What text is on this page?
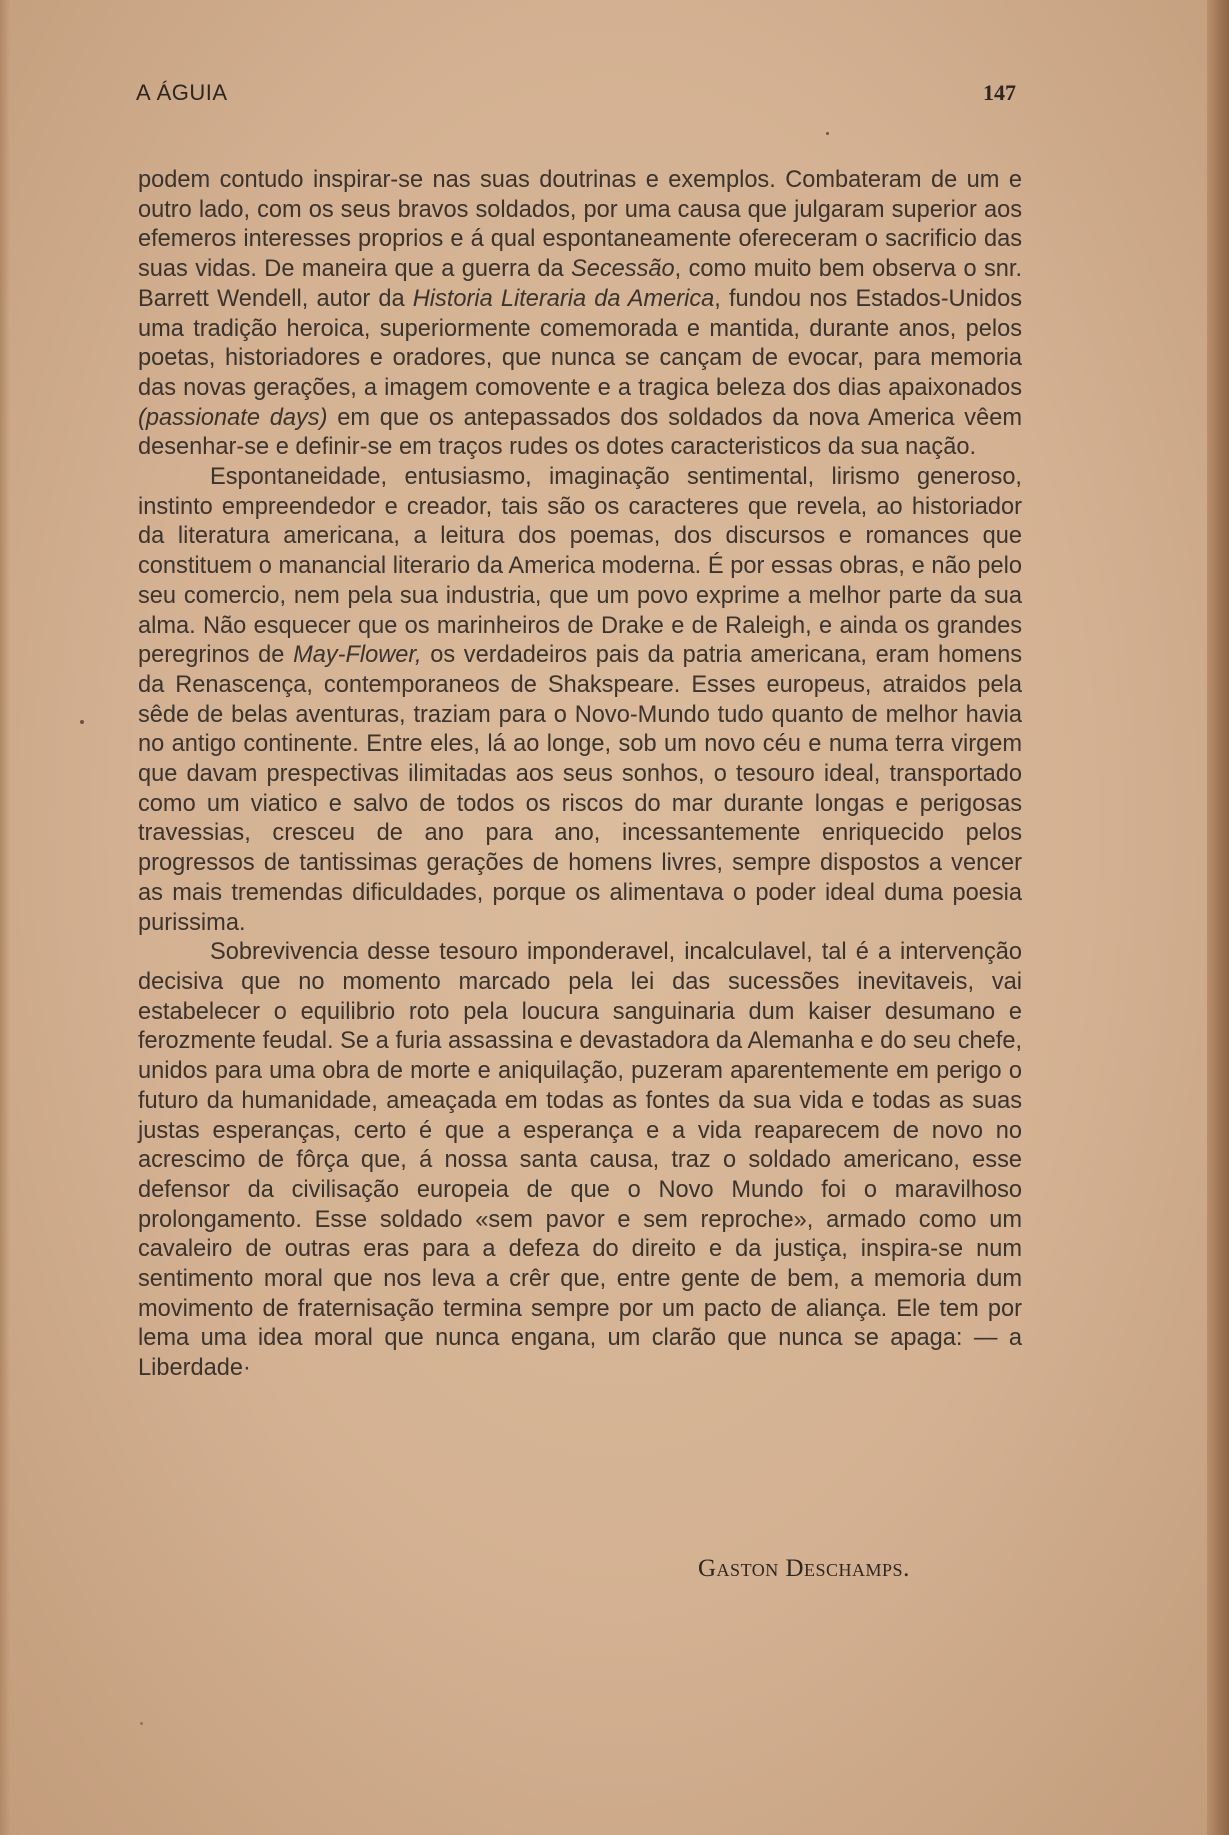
A ÁGUIA	147

podem contudo inspirar-se nas suas doutrinas e exemplos. Combateram de um e outro lado, com os seus bravos soldados, por uma causa que julgaram superior aos efemeros interesses proprios e á qual espontaneamente ofereceram o sacrificio das suas vidas. De maneira que a guerra da Secessão, como muito bem observa o snr. Barrett Wendell, autor da Historia Literaria da America, fundou nos Estados-Unidos uma tradição heroica, superiormente comemorada e mantida, durante anos, pelos poetas, historiadores e oradores, que nunca se cançam de evocar, para memoria das novas gerações, a imagem comovente e a tragica beleza dos dias apaixonados (passionate days) em que os antepassados dos soldados da nova America vêem desenhar-se e definir-se em traços rudes os dotes caracteristicos da sua nação.

Espontaneidade, entusiasmo, imaginação sentimental, lirismo generoso, instinto empreendedor e creador, tais são os caracteres que revela, ao historiador da literatura americana, a leitura dos poemas, dos discursos e romances que constituem o manancial literario da America moderna. É por essas obras, e não pelo seu comercio, nem pela sua industria, que um povo exprime a melhor parte da sua alma. Não esquecer que os marinheiros de Drake e de Raleigh, e ainda os grandes peregrinos de May-Flower, os verdadeiros pais da patria americana, eram homens da Renascença, contemporaneos de Shakspeare. Esses europeus, atraidos pela sêde de belas aventuras, traziam para o Novo-Mundo tudo quanto de melhor havia no antigo continente. Entre eles, lá ao longe, sob um novo céu e numa terra virgem que davam prespectivas ilimitadas aos seus sonhos, o tesouro ideal, transportado como um viatico e salvo de todos os riscos do mar durante longas e perigosas travessias, cresceu de ano para ano, incessantemente enriquecido pelos progressos de tantissimas gerações de homens livres, sempre dispostos a vencer as mais tremendas dificuldades, porque os alimentava o poder ideal duma poesia purissima.

Sobrevivencia desse tesouro imponderavel, incalculavel, tal é a intervenção decisiva que no momento marcado pela lei das sucessões inevitaveis, vai estabelecer o equilibrio roto pela loucura sanguinaria dum kaiser desumano e ferozmente feudal. Se a furia assassina e devastadora da Alemanha e do seu chefe, unidos para uma obra de morte e aniquilação, puzeram aparentemente em perigo o futuro da humanidade, ameaçada em todas as fontes da sua vida e todas as suas justas esperanças, certo é que a esperança e a vida reaparecem de novo no acrescimo de fôrça que, á nossa santa causa, traz o soldado americano, esse defensor da civilisação europeia de que o Novo Mundo foi o maravilhoso prolongamento. Esse soldado «sem pavor e sem reproche», armado como um cavaleiro de outras eras para a defeza do direito e da justiça, inspira-se num sentimento moral que nos leva a crêr que, entre gente de bem, a memoria dum movimento de fraternisação termina sempre por um pacto de aliança. Ele tem por lema uma idea moral que nunca engana, um clarão que nunca se apaga: — a Liberdade·

Gaston Deschamps.
